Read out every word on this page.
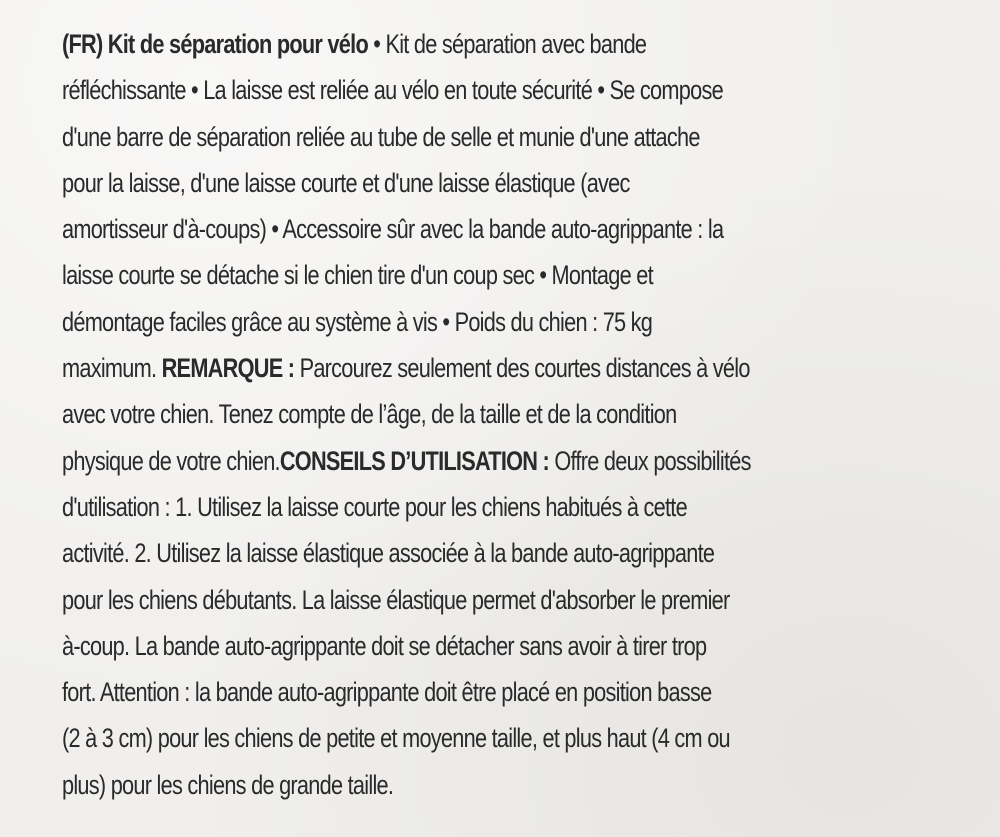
(FR) Kit de séparation pour vélo • Kit de séparation avec bande
réfléchissante • La laisse est reliée au vélo en toute sécurité • Se compose
d'une barre de séparation reliée au tube de selle et munie d'une attache
pour la laisse, d'une laisse courte et d'une laisse élastique (avec
amortisseur d'à-coups) • Accessoire sûr avec la bande auto-agrippante : la
laisse courte se détache si le chien tire d'un coup sec • Montage et
démontage faciles grâce au système à vis • Poids du chien : 75 kg
maximum. REMARQUE : Parcourez seulement des courtes distances à vélo
avec votre chien. Tenez compte de l’âge, de la taille et de la condition
physique de votre chien.CONSEILS D’UTILISATION : Offre deux possibilités
d'utilisation : 1. Utilisez la laisse courte pour les chiens habitués à cette
activité. 2. Utilisez la laisse élastique associée à la bande auto-agrippante
pour les chiens débutants. La laisse élastique permet d'absorber le premier
à-coup. La bande auto-agrippante doit se détacher sans avoir à tirer trop
fort. Attention : la bande auto-agrippante doit être placé en position basse
(2 à 3 cm) pour les chiens de petite et moyenne taille, et plus haut (4 cm ou
plus) pour les chiens de grande taille.
